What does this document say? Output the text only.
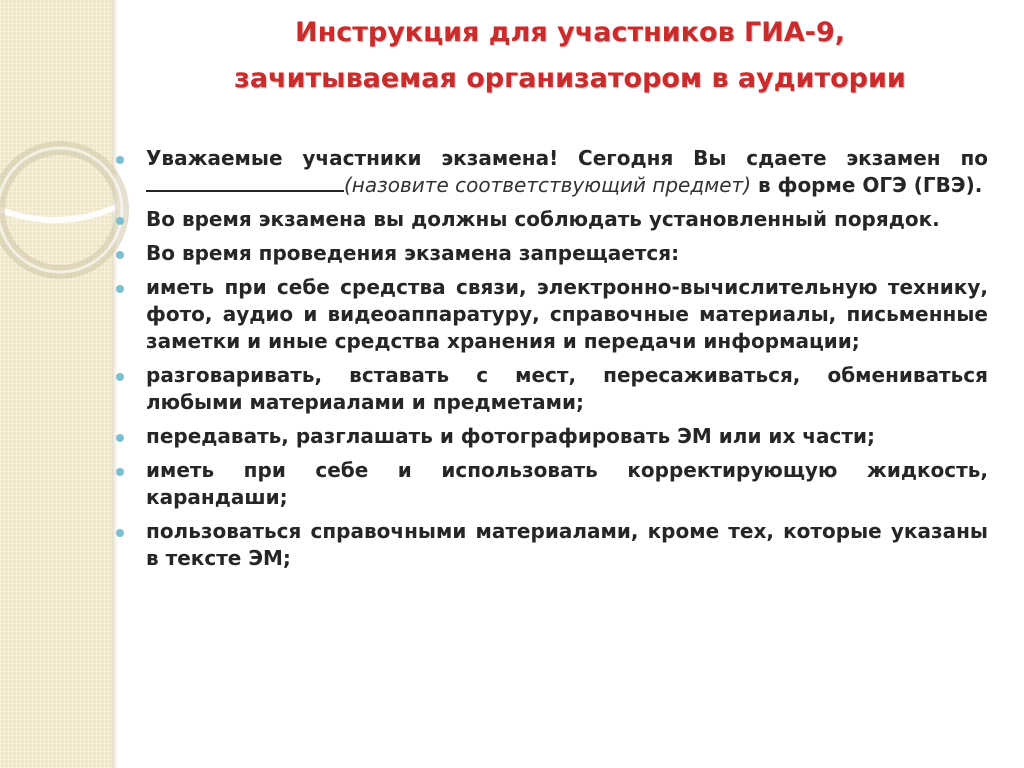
Инструкция для участников ГИА-9,
зачитываемая организатором в аудитории
Уважаемые участники экзамена! Сегодня Вы сдаете экзамен по (назовите соответствующий предмет) в форме ОГЭ (ГВЭ).
Во время экзамена вы должны соблюдать установленный порядок.
Во время проведения экзамена запрещается:
иметь при себе средства связи, электронно-вычислительную технику, фото, аудио и видеоаппаратуру, справочные материалы, письменные заметки и иные средства хранения и передачи информации;
разговаривать, вставать с мест, пересаживаться, обмениваться любыми материалами и предметами;
передавать, разглашать и фотографировать ЭМ или их части;
иметь при себе и использовать корректирующую жидкость, карандаши;
пользоваться справочными материалами, кроме тех, которые указаны в тексте ЭМ;
